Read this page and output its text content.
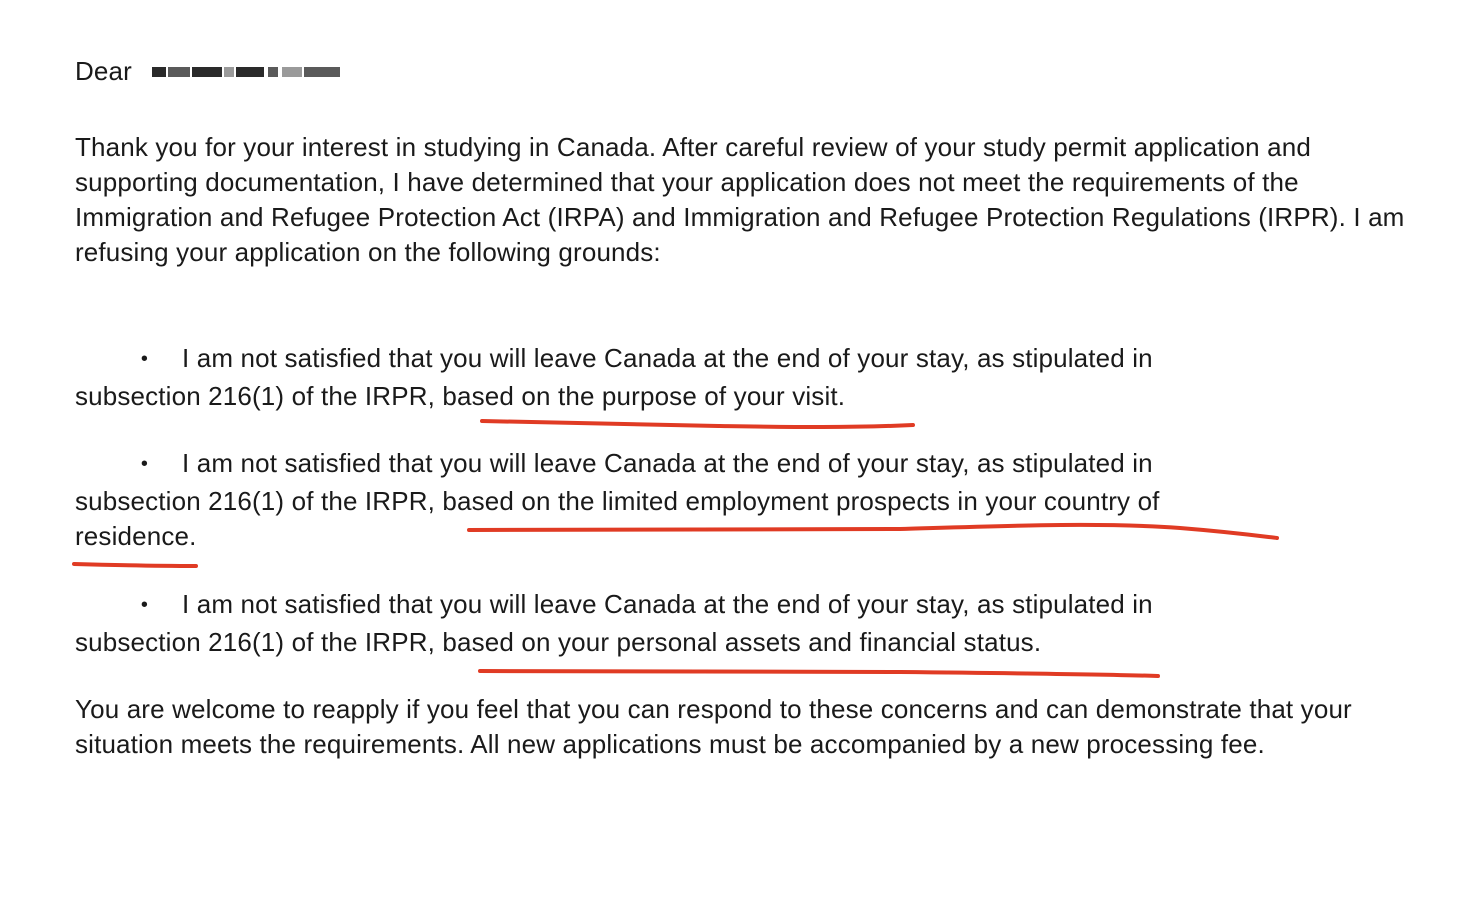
Dear

Thank you for your interest in studying in Canada. After careful review of your study permit application and supporting documentation, I have determined that your application does not meet the requirements of the Immigration and Refugee Protection Act (IRPA) and Immigration and Refugee Protection Regulations (IRPR). I am refusing your application on the following grounds:

•I am not satisfied that you will leave Canada at the end of your stay, as stipulated in
subsection 216(1) of the IRPR, based on the purpose of your visit.
•I am not satisfied that you will leave Canada at the end of your stay, as stipulated in
subsection 216(1) of the IRPR, based on the limited employment prospects in your country of
residence.
•I am not satisfied that you will leave Canada at the end of your stay, as stipulated in
subsection 216(1) of the IRPR, based on your personal assets and financial status.

You are welcome to reapply if you feel that you can respond to these concerns and can demonstrate that your situation meets the requirements. All new applications must be accompanied by a new processing fee.
